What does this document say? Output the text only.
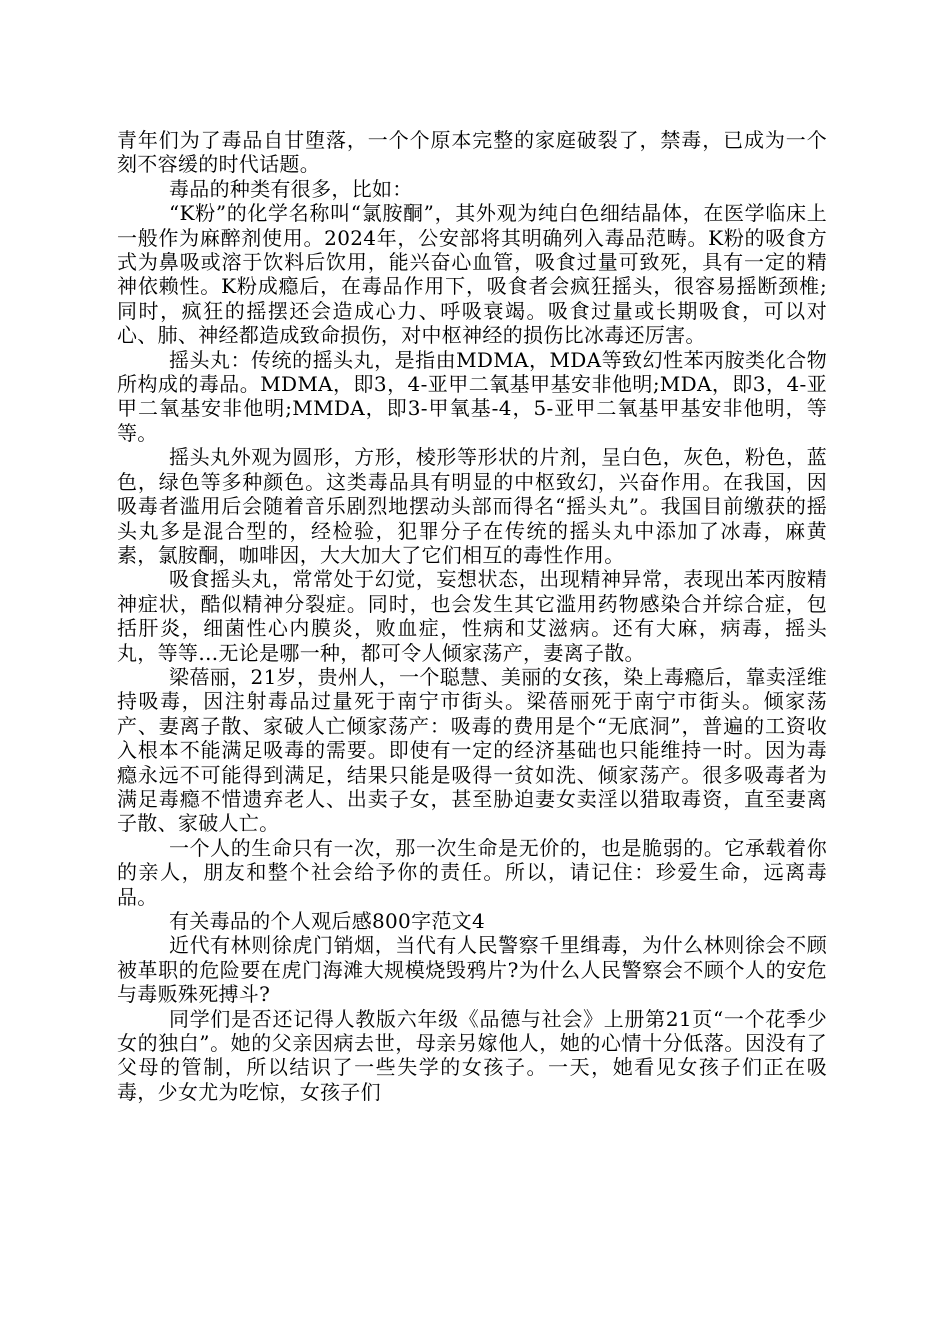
青年们为了毒品自甘堕落，一个个原本完整的家庭破裂了，禁毒，已成为一个刻不容缓的时代话题。

毒品的种类有很多，比如：

“K粉”的化学名称叫“氯胺酮”，其外观为纯白色细结晶体，在医学临床上一般作为麻醉剂使用。2024年，公安部将其明确列入毒品范畴。K粉的吸食方式为鼻吸或溶于饮料后饮用，能兴奋心血管，吸食过量可致死，具有一定的精神依赖性。K粉成瘾后，在毒品作用下，吸食者会疯狂摇头，很容易摇断颈椎;同时，疯狂的摇摆还会造成心力、呼吸衰竭。吸食过量或长期吸食，可以对心、肺、神经都造成致命损伤，对中枢神经的损伤比冰毒还厉害。

摇头丸：传统的摇头丸，是指由MDMA，MDA等致幻性苯丙胺类化合物所构成的毒品。MDMA，即3，4-亚甲二氧基甲基安非他明;MDA，即3，4-亚甲二氧基安非他明;MMDA，即3-甲氧基-4，5-亚甲二氧基甲基安非他明，等等。

摇头丸外观为圆形，方形，棱形等形状的片剂，呈白色，灰色，粉色，蓝色，绿色等多种颜色。这类毒品具有明显的中枢致幻，兴奋作用。在我国，因吸毒者滥用后会随着音乐剧烈地摆动头部而得名“摇头丸”。我国目前缴获的摇头丸多是混合型的，经检验，犯罪分子在传统的摇头丸中添加了冰毒，麻黄素，氯胺酮，咖啡因，大大加大了它们相互的毒性作用。

吸食摇头丸，常常处于幻觉，妄想状态，出现精神异常，表现出苯丙胺精神症状，酷似精神分裂症。同时，也会发生其它滥用药物感染合并综合症，包括肝炎，细菌性心内膜炎，败血症，性病和艾滋病。还有大麻，病毒，摇头丸，等等…无论是哪一种，都可令人倾家荡产，妻离子散。

梁蓓丽，21岁，贵州人，一个聪慧、美丽的女孩，染上毒瘾后，靠卖淫维持吸毒，因注射毒品过量死于南宁市街头。梁蓓丽死于南宁市街头。倾家荡产、妻离子散、家破人亡倾家荡产：吸毒的费用是个“无底洞”，普遍的工资收入根本不能满足吸毒的需要。即使有一定的经济基础也只能维持一时。因为毒瘾永远不可能得到满足，结果只能是吸得一贫如洗、倾家荡产。很多吸毒者为满足毒瘾不惜遗弃老人、出卖子女，甚至胁迫妻女卖淫以猎取毒资，直至妻离子散、家破人亡。

一个人的生命只有一次，那一次生命是无价的，也是脆弱的。它承载着你的亲人，朋友和整个社会给予你的责任。所以，请记住：珍爱生命，远离毒品。

有关毒品的个人观后感800字范文4

近代有林则徐虎门销烟，当代有人民警察千里缉毒，为什么林则徐会不顾被革职的危险要在虎门海滩大规模烧毁鸦片?为什么人民警察会不顾个人的安危与毒贩殊死搏斗?

同学们是否还记得人教版六年级《品德与社会》上册第21页“一个花季少女的独白”。她的父亲因病去世，母亲另嫁他人，她的心情十分低落。因没有了父母的管制，所以结识了一些失学的女孩子。一天，她看见女孩子们正在吸毒，少女尤为吃惊，女孩子们
